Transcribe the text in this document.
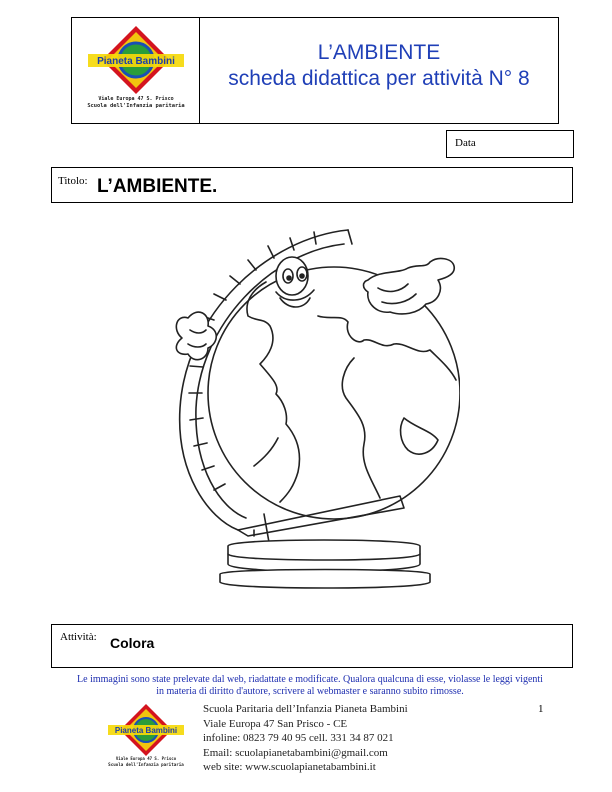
Pianeta Bambini
Viale Europa 47 S. Prisco
Scuola dell'Infanzia paritaria
L’AMBIENTE
scheda didattica per attività N° 8
Data
Titolo: L’AMBIENTE.
Attività: Colora
Le immagini sono state prelevate dal web, riadattate e modificate. Qualora qualcuna di esse, violasse le leggi vigenti
in materia di diritto d'autore, scrivere al webmaster e saranno subito rimosse.
1
Pianeta Bambini
Viale Europa 47 S. Prisco
Scuola dell'Infanzia paritaria
Scuola Paritaria dell’Infanzia Pianeta Bambini
Viale Europa 47 San Prisco - CE
infoline: 0823 79 40 95 cell. 331 34 87 021
Email: scuolapianetabambini@gmail.com
web site: www.scuolapianetabambini.it
